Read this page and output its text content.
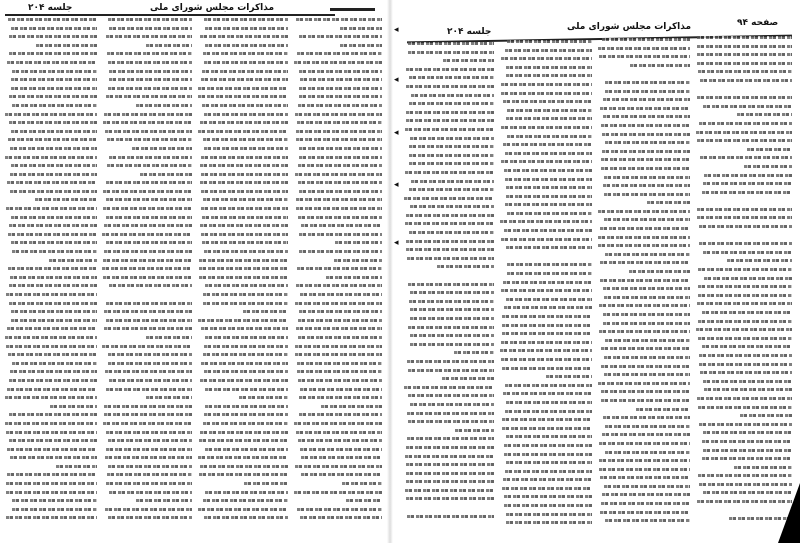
جلسه ۲۰۴	مذاکرات مجلس شورای ملی
صفحه ۹۴
مذاکرات مجلس شورای ملی
جلسه ۲۰۴
◂
◂
◂
◂
◂
